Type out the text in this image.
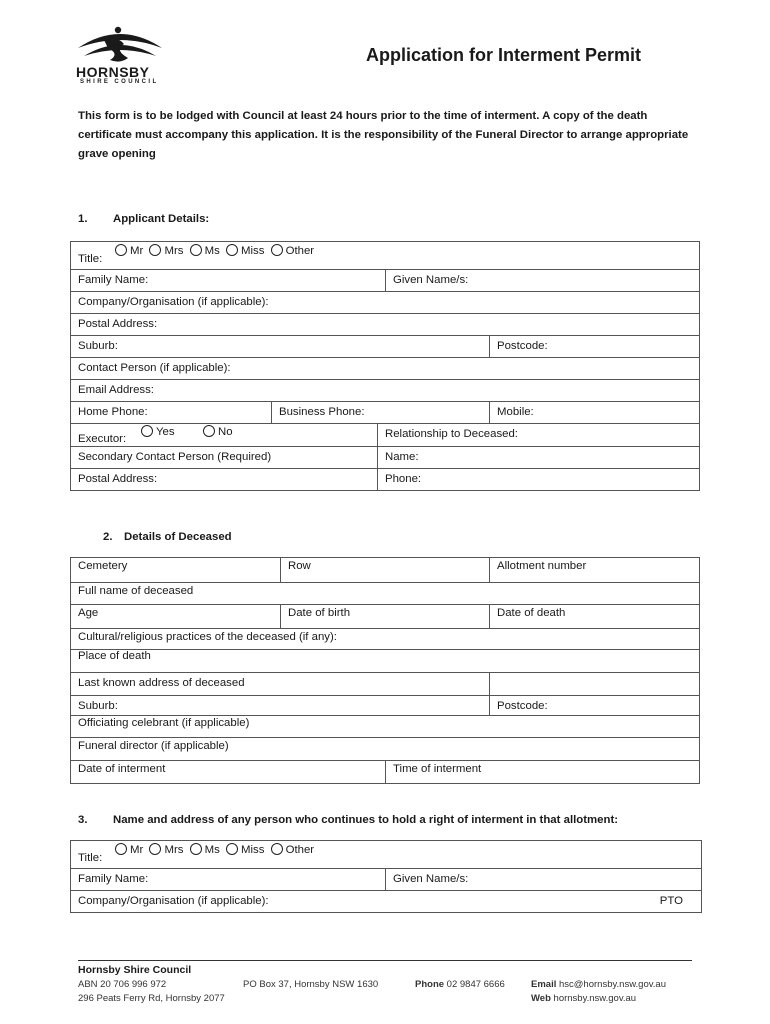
HORNSBY
SHIRE COUNCIL
Application for Interment Permit
This form is to be lodged with Council at least 24 hours prior to the time of interment. A copy of the death certificate must accompany this application. It is the responsibility of the Funeral Director to arrange appropriate grave opening
1. Applicant Details:
Title:
Mr Mrs Ms Miss Other
Family Name:	Given Name/s:
Company/Organisation (if applicable):
Postal Address:
Suburb:	Postcode:
Contact Person (if applicable):
Email Address:
Home Phone:	Business Phone:	Mobile:
Executor:
Yes	No	Relationship to Deceased:
Secondary Contact Person (Required)	Name:
Postal Address:	Phone:
2. Details of Deceased
Cemetery	Row	Allotment number
Full name of deceased
Age	Date of birth	Date of death
Cultural/religious practices of the deceased (if any):
Place of death
Last known address of deceased
Suburb:	Postcode:
Officiating celebrant (if applicable)
Funeral director (if applicable)
Date of interment	Time of interment
3. Name and address of any person who continues to hold a right of interment in that allotment:
Title:
Mr Mrs Ms Miss Other
Family Name:	Given Name/s:
Company/Organisation (if applicable):	PTO
Hornsby Shire Council
ABN 20 706 996 972	PO Box 37, Hornsby NSW 1630	Phone 02 9847 6666	Email hsc@hornsby.nsw.gov.au
296 Peats Ferry Rd, Hornsby 2077	Web hornsby.nsw.gov.au
